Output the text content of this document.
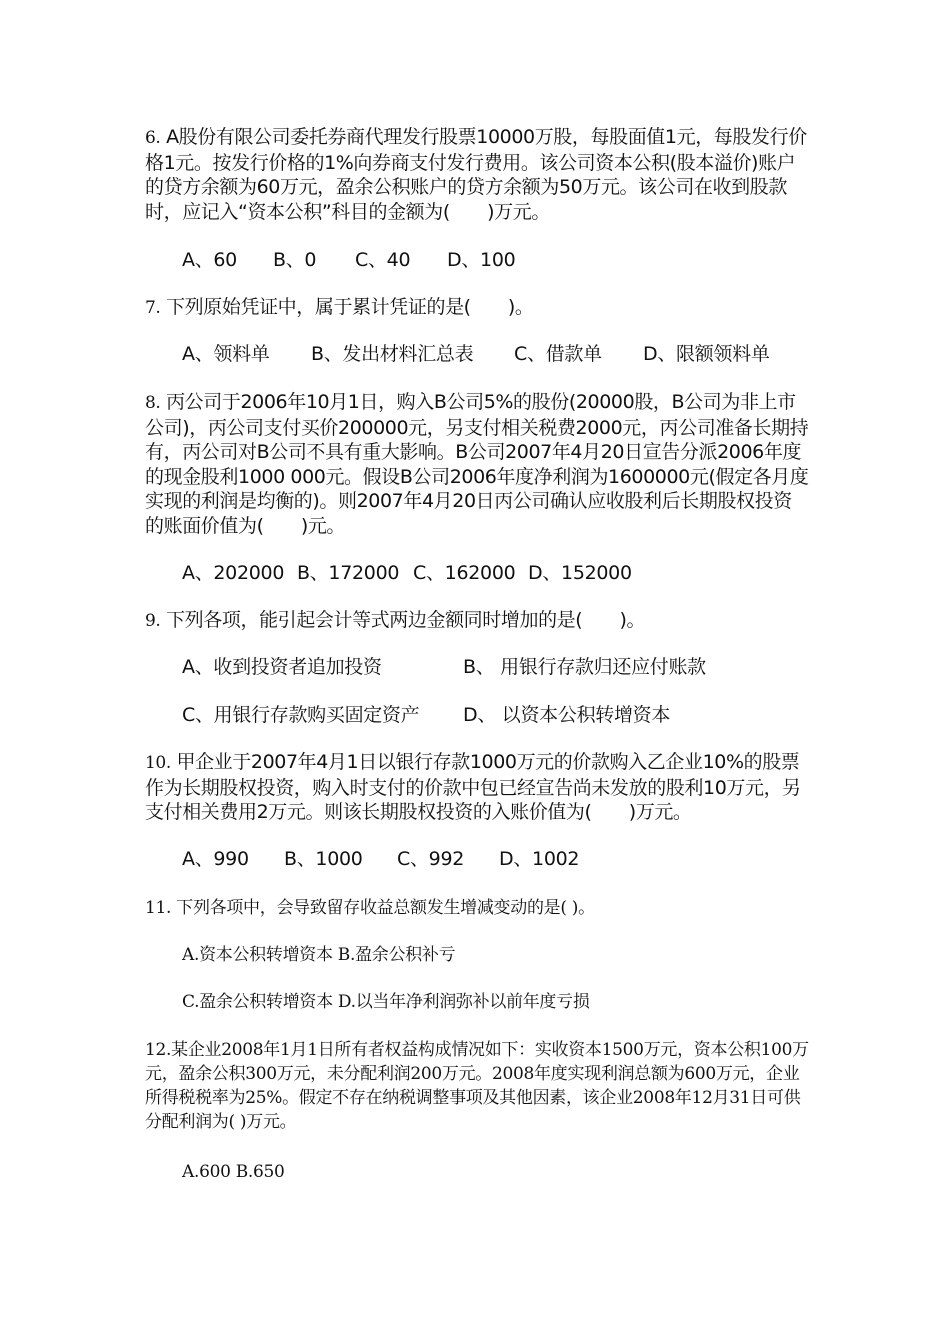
6. A股份有限公司委托券商代理发行股票10000万股，每股面值1元，每股发行价格1元。按发行价格的1%向券商支付发行费用。该公司资本公积(股本溢价)账户的贷方余额为60万元，盈余公积账户的贷方余额为50万元。该公司在收到股款时，应记入“资本公积”科目的金额为(　　)万元。
A、60 B、0 C、40 D、100
7. 下列原始凭证中，属于累计凭证的是(　　)。
A、领料单 B、发出材料汇总表 C、借款单 D、限额领料单
8. 丙公司于2006年10月1日，购入B公司5%的股份(20000股，B公司为非上市公司)，丙公司支付买价200000元，另支付相关税费2000元，丙公司准备长期持有，丙公司对B公司不具有重大影响。B公司2007年4月20日宣告分派2006年度的现金股利1000 000元。假设B公司2006年度净利润为1600000元(假定各月度实现的利润是均衡的)。则2007年4月20日丙公司确认应收股利后长期股权投资的账面价值为(　　)元。
A、202000 B、172000 C、162000 D、152000
9. 下列各项，能引起会计等式两边金额同时增加的是(　　)。
A、收到投资者追加投资	B、 用银行存款归还应付账款
C、用银行存款购买固定资产 D、 以资本公积转增资本
10. 甲企业于2007年4月1日以银行存款1000万元的价款购入乙企业10%的股票作为长期股权投资，购入时支付的价款中包已经宣告尚未发放的股利10万元，另支付相关费用2万元。则该长期股权投资的入账价值为(　　)万元。
A、990 B、1000 C、992 D、1002
11. 下列各项中，会导致留存收益总额发生增减变动的是( )。
A.资本公积转增资本 B.盈余公积补亏
C.盈余公积转增资本 D.以当年净利润弥补以前年度亏损
12.某企业2008年1月1日所有者权益构成情况如下：实收资本1500万元，资本公积100万元，盈余公积300万元，未分配利润200万元。2008年度实现利润总额为600万元，企业所得税税率为25%。假定不存在纳税调整事项及其他因素，该企业2008年12月31日可供分配利润为( )万元。
A.600 B.650
